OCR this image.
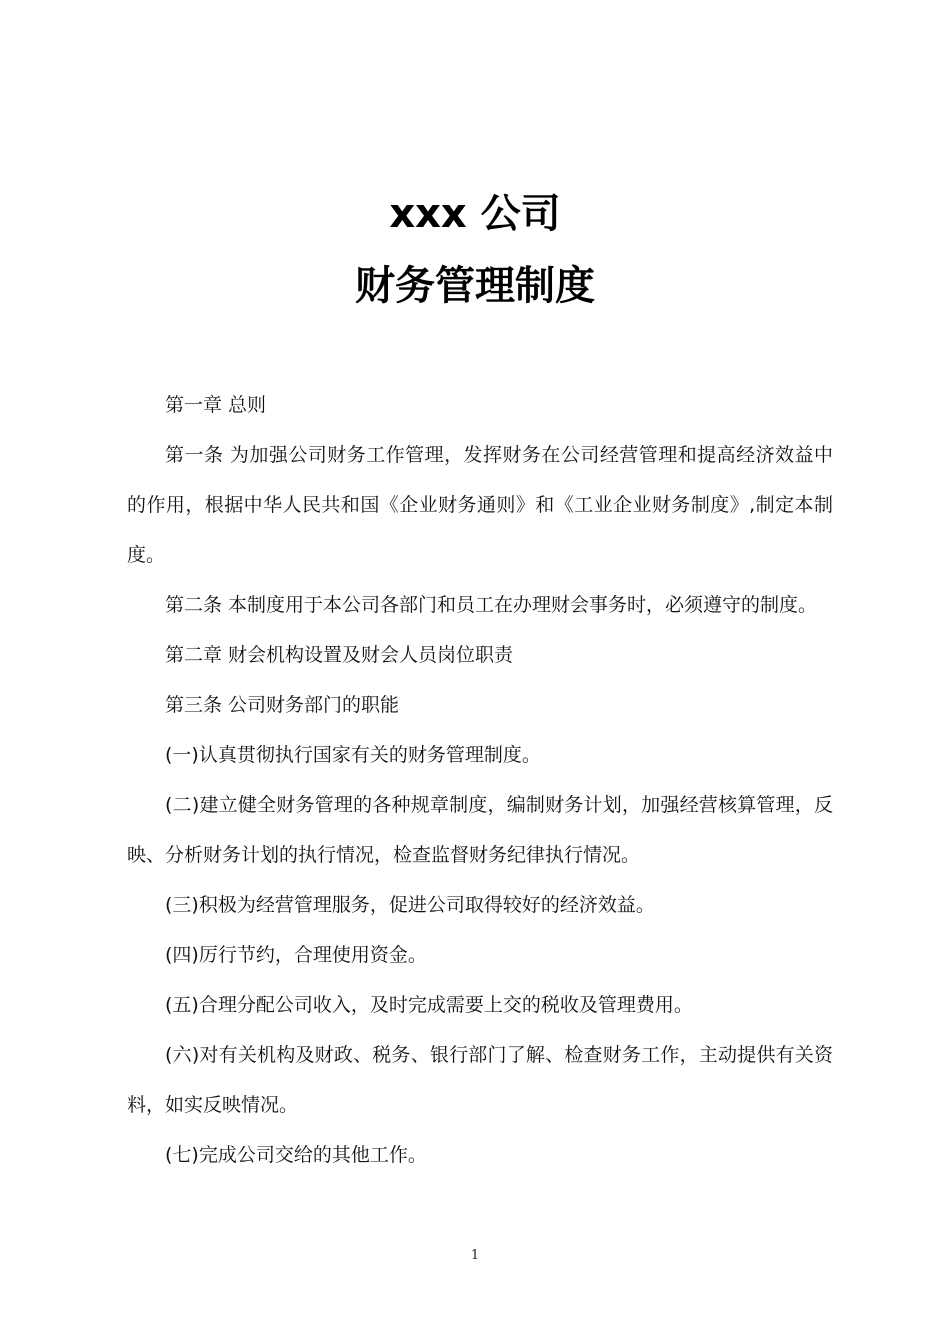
xxx 公司
财务管理制度

第一章 总则

第一条 为加强公司财务工作管理，发挥财务在公司经营管理和提高经济效益中的作用，根据中华人民共和国《企业财务通则》和《工业企业财务制度》,制定本制度。

第二条 本制度用于本公司各部门和员工在办理财会事务时，必须遵守的制度。

第二章 财会机构设置及财会人员岗位职责

第三条 公司财务部门的职能

(一)认真贯彻执行国家有关的财务管理制度。

(二)建立健全财务管理的各种规章制度，编制财务计划，加强经营核算管理，反映、分析财务计划的执行情况，检查监督财务纪律执行情况。

(三)积极为经营管理服务，促进公司取得较好的经济效益。

(四)厉行节约，合理使用资金。

(五)合理分配公司收入，及时完成需要上交的税收及管理费用。

(六)对有关机构及财政、税务、银行部门了解、检查财务工作，主动提供有关资料，如实反映情况。

(七)完成公司交给的其他工作。

1
